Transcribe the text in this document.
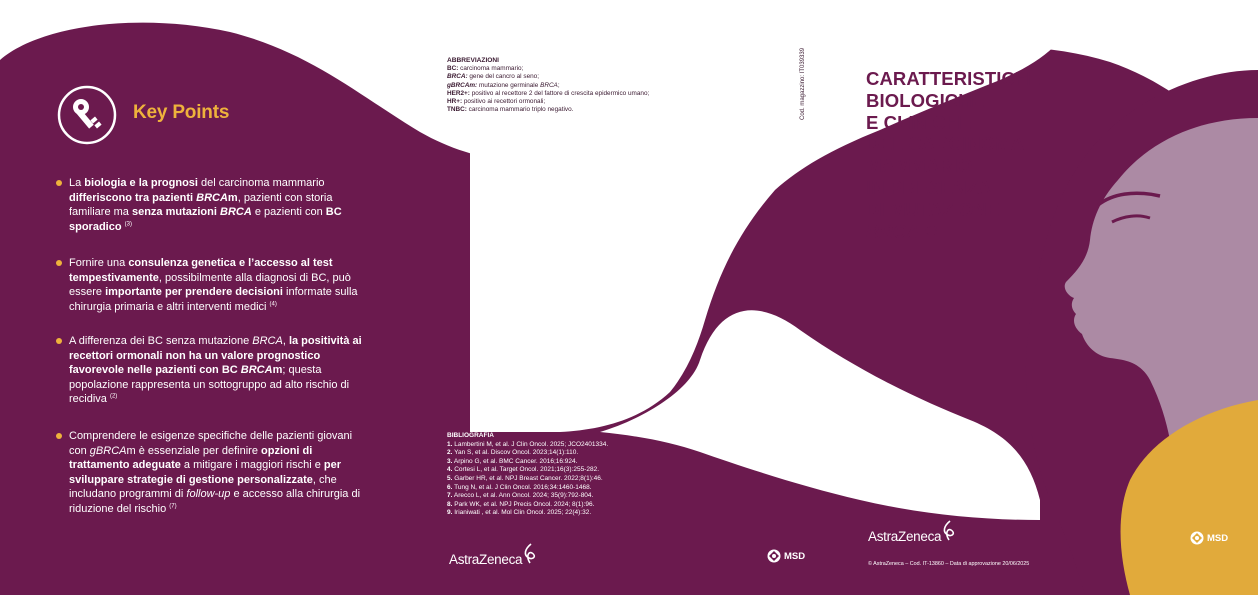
Key Points
La biologia e la prognosi del carcinoma mammario differiscono tra pazienti BRCAm, pazienti con storia familiare ma senza mutazioni BRCA e pazienti con BC sporadico $^{(3)}$
Fornire una consulenza genetica e l’accesso al test tempestivamente, possibilmente alla diagnosi di BC, può essere importante per prendere decisioni informate sulla chirurgia primaria e altri interventi medici $^{(4)}$
A differenza dei BC senza mutazione BRCA, la positività ai recettori ormonali non ha un valore prognostico favorevole nelle pazienti con BC BRCAm; questa popolazione rappresenta un sottogruppo ad alto rischio di recidiva $^{(2)}$
Comprendere le esigenze specifiche delle pazienti giovani con gBRCAm è essenziale per definire opzioni di trattamento adeguate a mitigare i maggiori rischi e per sviluppare strategie di gestione personalizzate, che includano programmi di follow-up e accesso alla chirurgia di riduzione del rischio $^{(7)}$
ABBREVIAZIONI
BC: carcinoma mammario;
BRCA: gene del cancro al seno;
gBRCAm: mutazione germinale BRCA;
HER2+: positivo al recettore 2 del fattore di crescita epidermico umano;
HR+: positivo ai recettori ormonali;
TNBC: carcinoma mammario triplo negativo.	Cod. magazzino: IT039339
BIBLIOGRAFIA
1. Lambertini M, et al. J Clin Oncol. 2025; JCO2401334.
2. Yan S, et al. Discov Oncol. 2023;14(1):110.
3. Arpino G, et al. BMC Cancer. 2016;16:924.
4. Cortesi L, et al. Target Oncol. 2021;16(3):255-282.
5. Garber HR, et al. NPJ Breast Cancer. 2022;8(1):46.
6. Tung N, et al. J Clin Oncol. 2016;34:1460-1468.
7. Arecco L, et al. Ann Oncol. 2024; 35(9):792-804.
8. Park WK, et al. NPJ Precis Oncol. 2024; 8(1):96.
9. Irianiwati , et al. Mol Clin Oncol. 2025; 22(4):32.
AstraZeneca	MSD
CARATTERISTICHE
BIOLOGICHE
E CLINICHE
DEL CARCINOMA
MAMMARIO
IN PRESENZA
DI MUTAZIONE
BRCA $^{(1)}$
AstraZeneca	MSD
© AstraZeneca – Cod. IT-13860 – Data di approvazione 20/06/2025
